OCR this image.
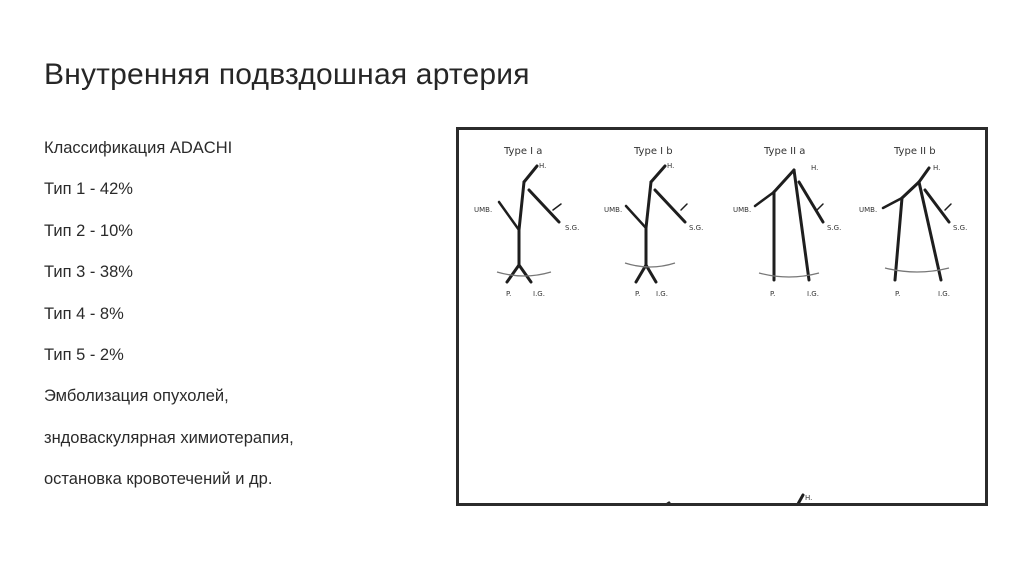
Внутренняя подвздошная артерия
Классификация ADACHI
Тип 1 - 42%
Тип 2 - 10%
Тип 3 - 38%
Тип 4 - 8%
Тип 5 - 2%
Эмболизация опухолей,
зндоваскулярная химиотерапия,
остановка кровотечений и др.
Type I a
H.
UMB.
S.G.
P.	I.G.
Type I b
H.
UMB.
S.G.
P. I.G.
Type II a
H.
UMB.
S.G.
P.	I.G.
Type II b
H.
UMB.
S.G.
P.	I.G.
H.
